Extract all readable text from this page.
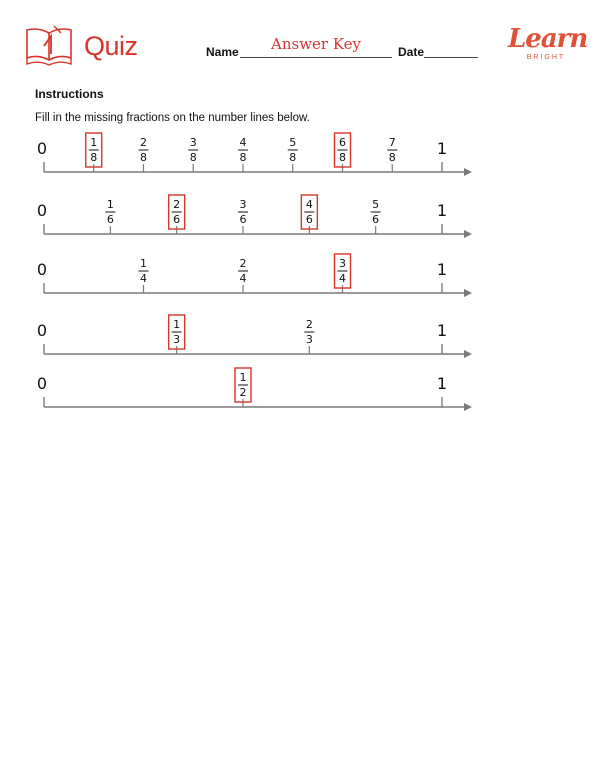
Quiz	Name	Answer Key	Date	Learn
BRIGHT
Instructions
Fill in the missing fractions on the number lines below.
0	1
1
8
2
8
3
8
4
8
5
8
6
8
7
8
0	1
1
6
2
6
3
6
4
6
5
6
0	1
1
4
2
4
3
4
0	1
1
3
2
3
0	1
1
2
